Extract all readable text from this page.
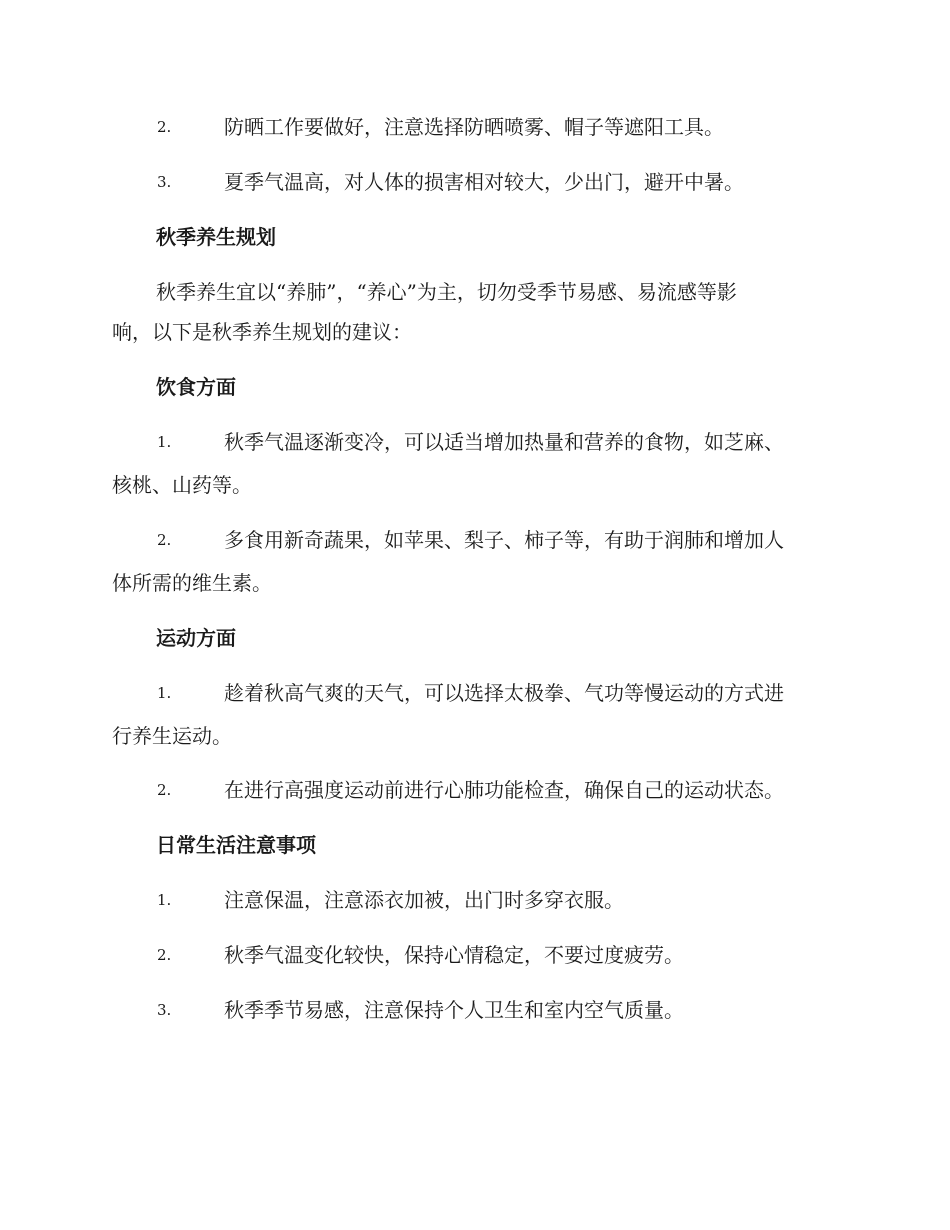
2.	防晒工作要做好，注意选择防晒喷雾、帽子等遮阳工具。
3.	夏季气温高，对人体的损害相对较大，少出门，避开中暑。
秋季养生规划
秋季养生宜以“养肺”，“养心”为主，切勿受季节易感、易流感等影
响，以下是秋季养生规划的建议：
饮食方面
1.	秋季气温逐渐变冷，可以适当增加热量和营养的食物，如芝麻、
核桃、山药等。
2.	多食用新奇蔬果，如苹果、梨子、柿子等，有助于润肺和增加人
体所需的维生素。
运动方面
1.	趁着秋高气爽的天气，可以选择太极拳、气功等慢运动的方式进
行养生运动。
2.	在进行高强度运动前进行心肺功能检查，确保自己的运动状态。
日常生活注意事项
1.	注意保温，注意添衣加被，出门时多穿衣服。
2.	秋季气温变化较快，保持心情稳定，不要过度疲劳。
3.	秋季季节易感，注意保持个人卫生和室内空气质量。
